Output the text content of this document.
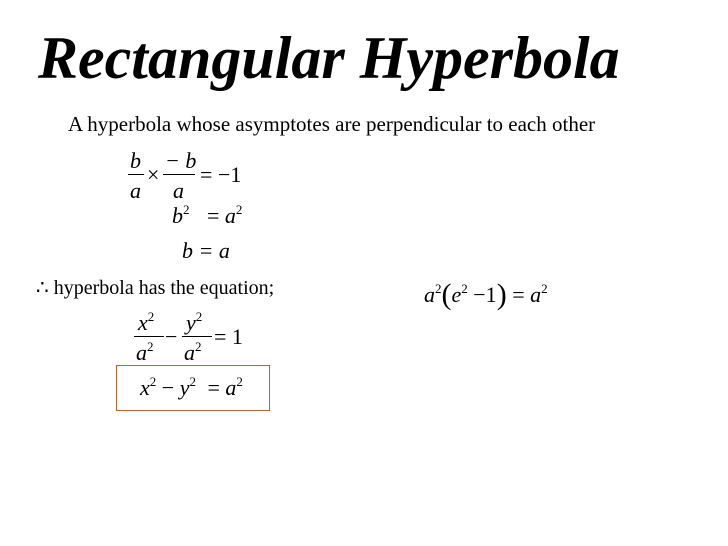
Rectangular Hyperbola
A hyperbola whose asymptotes are perpendicular to each other
b
a
×
− b
a
= −1
$b^2 = a^2$
b = a
∴ hyperbola has the equation;	$a^2(e^2 -1) = a^2$
$x^2$
$a^2$ −
$y^2$
$a^2 = 1$
$x^2 - y^2 = a^2$
